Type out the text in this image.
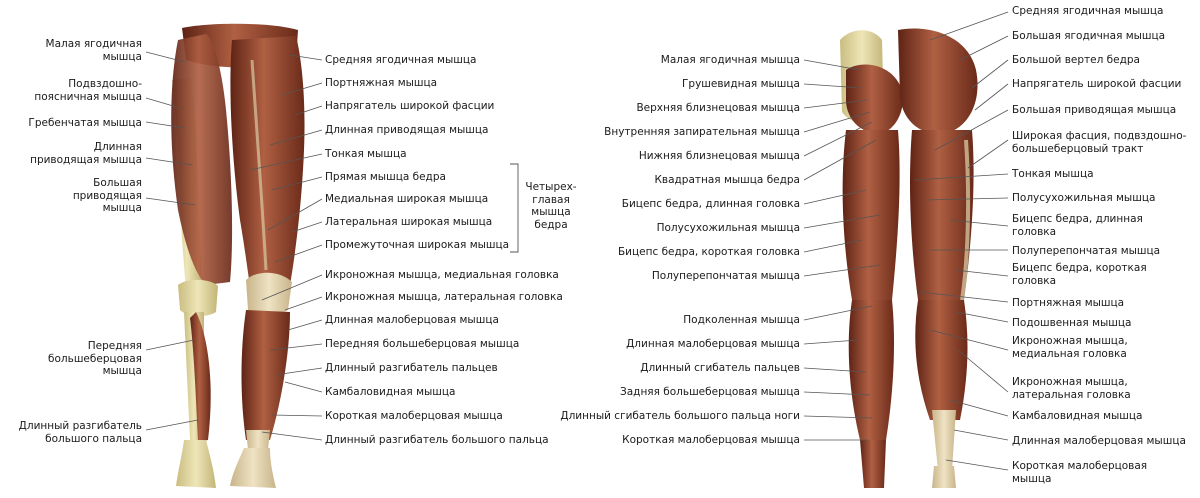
Малая ягодичная
мышца
Подвздошно-
поясничная мышца
Гребенчатая мышца
Длинная
приводящая мышца
Большая
приводящая
мышца
Передняя
большеберцовая
мышца
Длинный разгибатель
большого пальца
Средняя ягодичная мышца
Портняжная мышца
Напрягатель широкой фасции
Длинная приводящая мышца
Тонкая мышца
Прямая мышца бедра
Медиальная широкая мышца
Латеральная широкая мышца
Промежуточная широкая мышца
Икроножная мышца, медиальная головка
Икроножная мышца, латеральная головка
Длинная малоберцовая мышца
Передняя большеберцовая мышца
Длинный разгибатель пальцев
Камбаловидная мышца
Короткая малоберцовая мышца
Длинный разгибатель большого пальца
Четырех-
главая
мышца
бедра
Малая ягодичная мышца
Грушевидная мышца
Верхняя близнецовая мышца
Внутренняя запирательная мышца
Нижняя близнецовая мышца
Квадратная мышца бедра
Бицепс бедра, длинная головка
Полусухожильная мышца
Бицепс бедра, короткая головка
Полуперепончатая мышца
Подколенная мышца
Длинная малоберцовая мышца
Длинный сгибатель пальцев
Задняя большеберцовая мышца
Длинный сгибатель большого пальца ноги
Короткая малоберцовая мышца
Средняя ягодичная мышца
Большая ягодичная мышца
Большой вертел бедра
Напрягатель широкой фасции
Большая приводящая мышца
Широкая фасция, подвздошно-
большеберцовый тракт
Тонкая мышца
Полусухожильная мышца
Бицепс бедра, длинная
головка
Полуперепончатая мышца
Бицепс бедра, короткая
головка
Портняжная мышца
Подошвенная мышца
Икроножная мышца,
медиальная головка
Икроножная мышца,
латеральная головка
Камбаловидная мышца
Длинная малоберцовая мышца
Короткая малоберцовая
мышца
